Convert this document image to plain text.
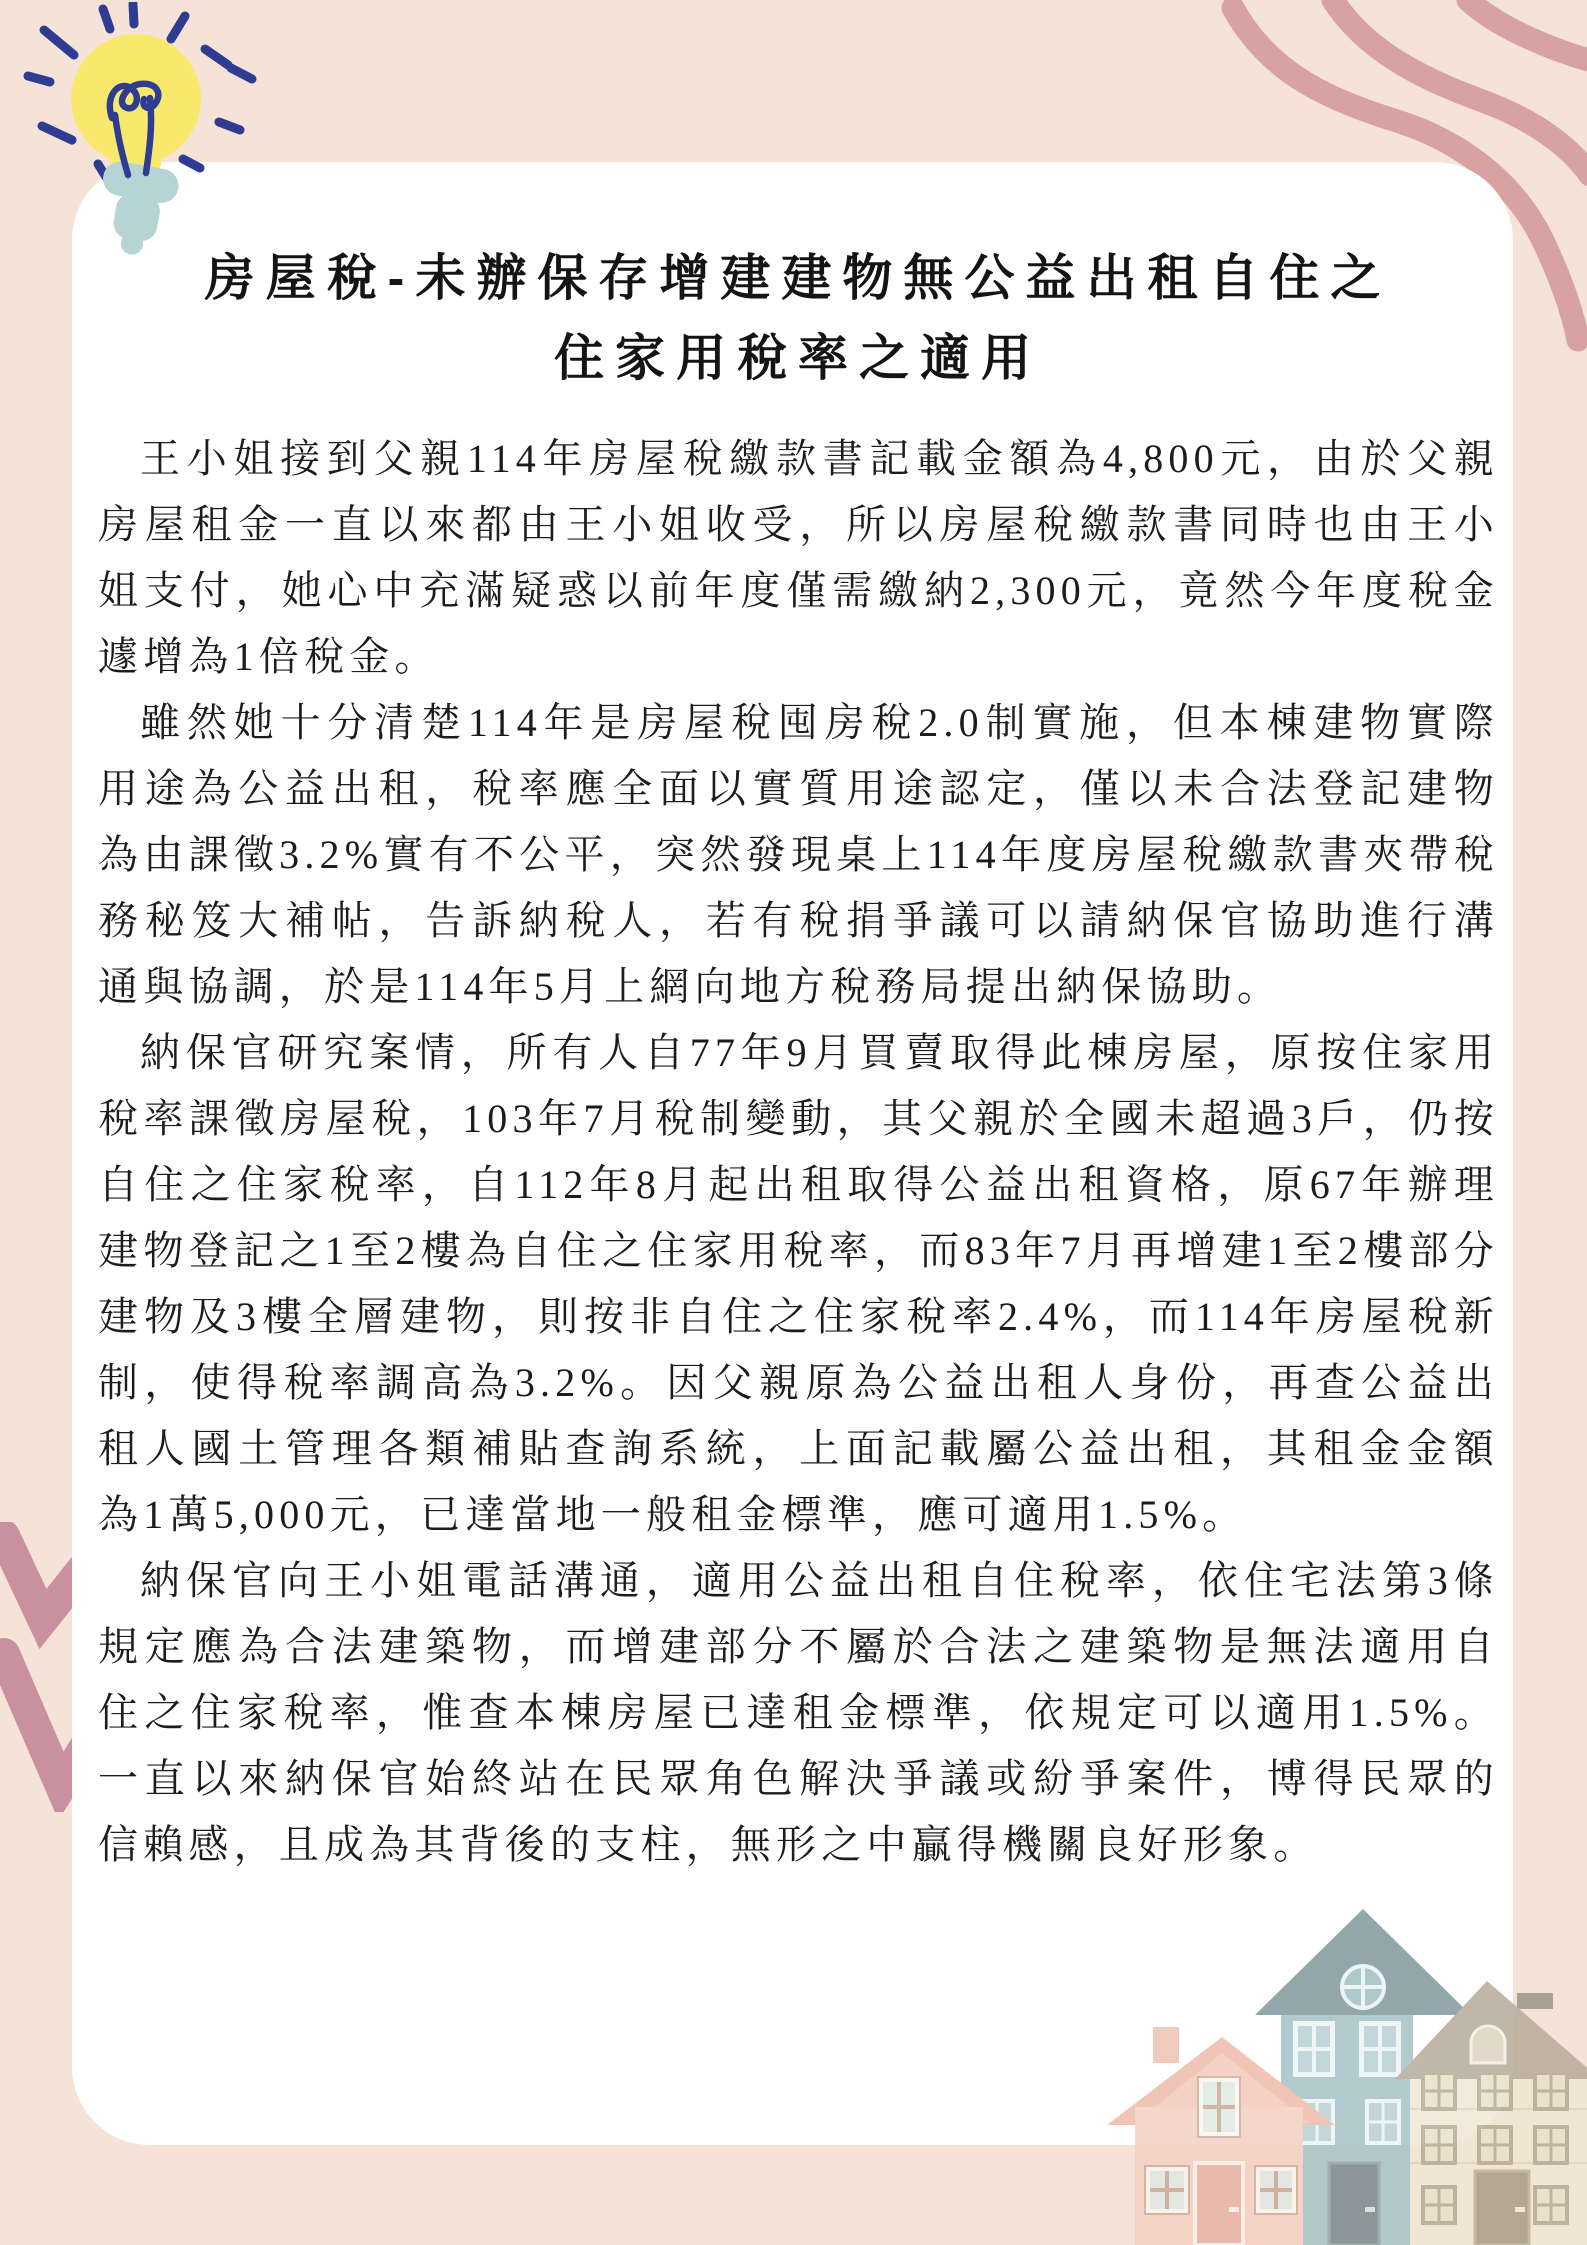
房屋稅-未辦保存增建建物無公益出租自住之
住家用稅率之適用

王小姐接到父親114年房屋稅繳款書記載金額為4,800元，由於父親房屋租金一直以來都由王小姐收受，所以房屋稅繳款書同時也由王小姐支付，她心中充滿疑惑以前年度僅需繳納2,300元，竟然今年度稅金遽增為1倍稅金。

雖然她十分清楚114年是房屋稅囤房稅2.0制實施，但本棟建物實際用途為公益出租，稅率應全面以實質用途認定，僅以未合法登記建物為由課徵3.2%實有不公平，突然發現桌上114年度房屋稅繳款書夾帶稅務秘笈大補帖，告訴納稅人，若有稅捐爭議可以請納保官協助進行溝通與協調，於是114年5月上網向地方稅務局提出納保協助。

納保官研究案情，所有人自77年9月買賣取得此棟房屋，原按住家用稅率課徵房屋稅，103年7月稅制變動，其父親於全國未超過3戶，仍按自住之住家稅率，自112年8月起出租取得公益出租資格，原67年辦理建物登記之1至2樓為自住之住家用稅率，而83年7月再增建1至2樓部分建物及3樓全層建物，則按非自住之住家稅率2.4%，而114年房屋稅新制，使得稅率調高為3.2%。因父親原為公益出租人身份，再查公益出租人國土管理各類補貼查詢系統，上面記載屬公益出租，其租金金額為1萬5,000元，已達當地一般租金標準，應可適用1.5%。

納保官向王小姐電話溝通，適用公益出租自住稅率，依住宅法第3條規定應為合法建築物，而增建部分不屬於合法之建築物是無法適用自住之住家稅率，惟查本棟房屋已達租金標準，依規定可以適用1.5%。一直以來納保官始終站在民眾角色解決爭議或紛爭案件，博得民眾的信賴感，且成為其背後的支柱，無形之中贏得機關良好形象。
